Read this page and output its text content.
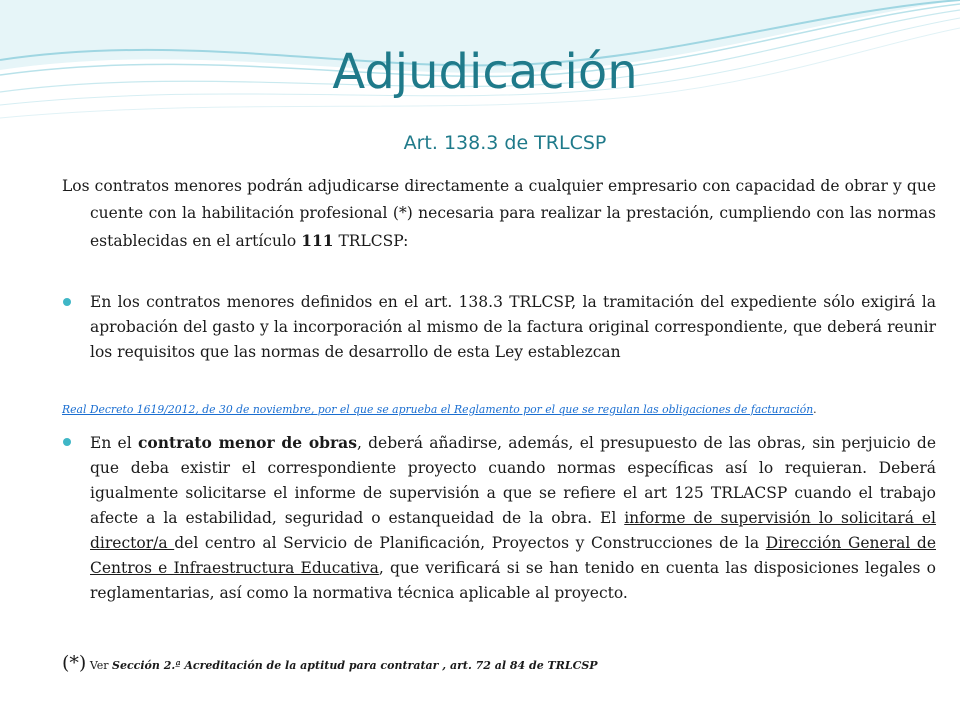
Adjudicación
Art. 138.3 de TRLCSP
Los contratos menores podrán adjudicarse directamente a cualquier empresario con capacidad de obrar y que cuente con la habilitación profesional (*) necesaria para realizar la prestación, cumpliendo con las normas establecidas en el artículo 111 TRLCSP:
En los contratos menores definidos en el art. 138.3 TRLCSP, la tramitación del expediente sólo exigirá la aprobación del gasto y la incorporación al mismo de la factura original correspondiente, que deberá reunir los requisitos que las normas de desarrollo de esta Ley establezcan
Real Decreto 1619/2012, de 30 de noviembre, por el que se aprueba el Reglamento por el que se regulan las obligaciones de facturación.
En el contrato menor de obras, deberá añadirse, además, el presupuesto de las obras, sin perjuicio de que deba existir el correspondiente proyecto cuando normas específicas así lo requieran. Deberá igualmente solicitarse el informe de supervisión a que se refiere el art 125 TRLACSP cuando el trabajo afecte a la estabilidad, seguridad o estanqueidad de la obra. El informe de supervisión lo solicitará el director/a del centro al Servicio de Planificación, Proyectos y Construcciones de la Dirección General de Centros e Infraestructura Educativa, que verificará si se han tenido en cuenta las disposiciones legales o reglamentarias, así como la normativa técnica aplicable al proyecto.
(*) Ver Sección 2.ª Acreditación de la aptitud para contratar , art. 72 al 84 de TRLCSP
